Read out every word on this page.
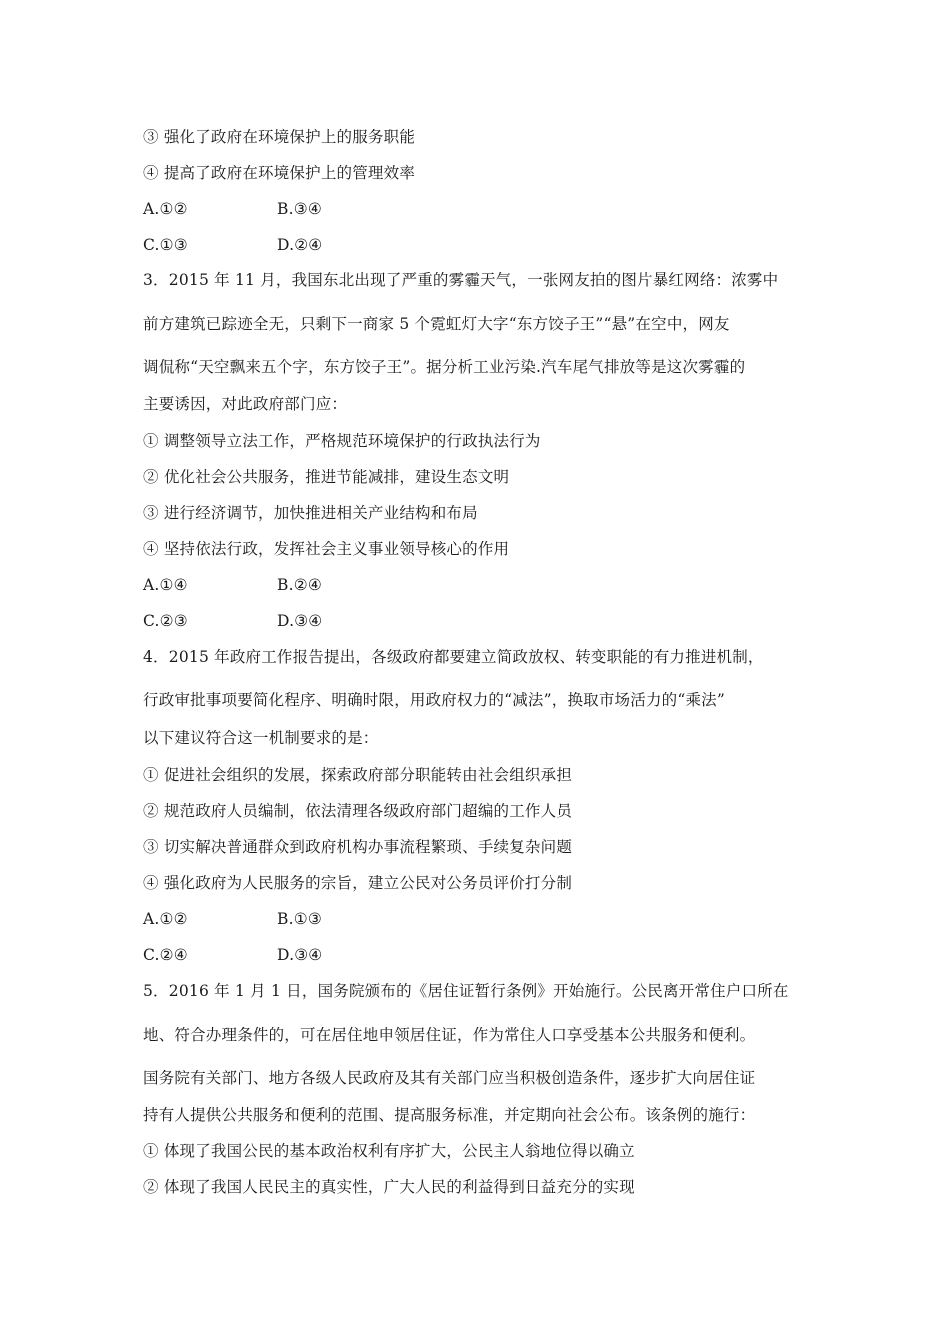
③ 强化了政府在环境保护上的服务职能
④ 提高了政府在环境保护上的管理效率
A.①②	B.③④
C.①③	D.②④
3．2015 年 11 月，我国东北出现了严重的雾霾天气，一张网友拍的图片暴红网络：浓雾中
前方建筑已踪迹全无，只剩下一商家 5 个霓虹灯大字“东方饺子王”“悬”在空中，网友
调侃称“天空飘来五个字，东方饺子王”。据分析工业污染.汽车尾气排放等是这次雾霾的
主要诱因，对此政府部门应：
① 调整领导立法工作，严格规范环境保护的行政执法行为
② 优化社会公共服务，推进节能减排，建设生态文明
③ 进行经济调节，加快推进相关产业结构和布局
④ 坚持依法行政，发挥社会主义事业领导核心的作用
A.①④	B.②④
C.②③	D.③④
4．2015 年政府工作报告提出，各级政府都要建立简政放权、转变职能的有力推进机制，
行政审批事项要简化程序、明确时限，用政府权力的“减法”，换取市场活力的“乘法”
以下建议符合这一机制要求的是：
① 促进社会组织的发展，探索政府部分职能转由社会组织承担
② 规范政府人员编制，依法清理各级政府部门超编的工作人员
③ 切实解决普通群众到政府机构办事流程繁琐、手续复杂问题
④ 强化政府为人民服务的宗旨，建立公民对公务员评价打分制
A.①②	B.①③
C.②④	D.③④
5．2016 年 1 月 1 日，国务院颁布的《居住证暂行条例》开始施行。公民离开常住户口所在
地、符合办理条件的，可在居住地申领居住证，作为常住人口享受基本公共服务和便利。
国务院有关部门、地方各级人民政府及其有关部门应当积极创造条件，逐步扩大向居住证
持有人提供公共服务和便利的范围、提高服务标准，并定期向社会公布。该条例的施行：
① 体现了我国公民的基本政治权利有序扩大，公民主人翁地位得以确立
② 体现了我国人民民主的真实性，广大人民的利益得到日益充分的实现
